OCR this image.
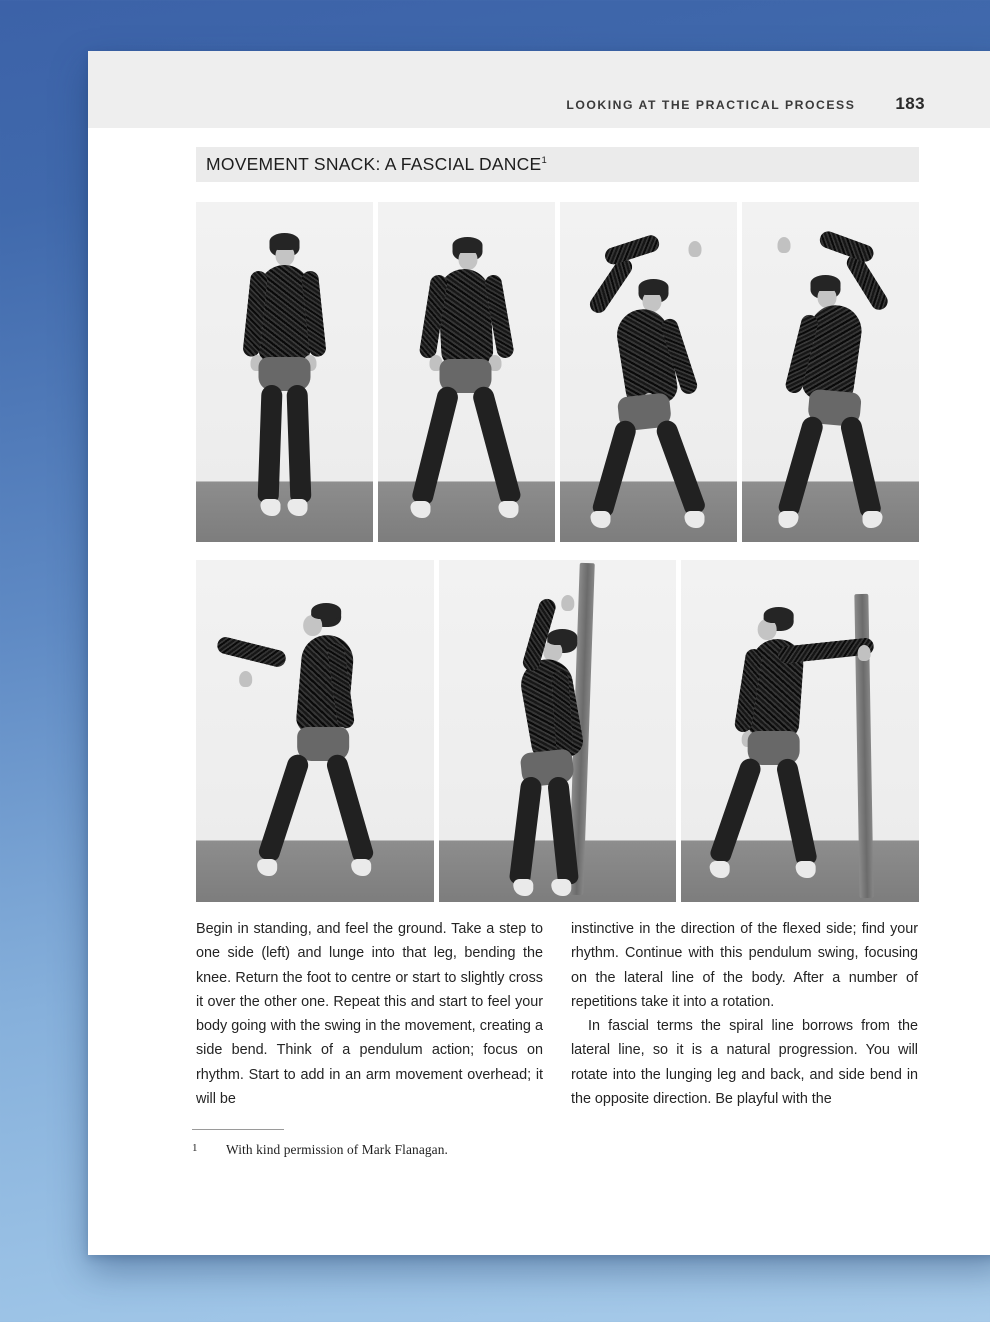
LOOKING AT THE PRACTICAL PROCESS 183
MOVEMENT SNACK: A FASCIAL DANCE$^1$

Begin in standing, and feel the ground. Take a step to one side (left) and lunge into that leg, bending the knee. Return the foot to centre or start to slightly cross it over the other one. Repeat this and start to feel your body going with the swing in the movement, creating a side bend. Think of a pendulum action; focus on rhythm. Start to add in an arm movement overhead; it will be

instinctive in the direction of the flexed side; find your rhythm. Continue with this pendulum swing, focusing on the lateral line of the body. After a number of repetitions take it into a rotation.

In fascial terms the spiral line borrows from the lateral line, so it is a natural progression. You will rotate into the lunging leg and back, and side bend in the opposite direction. Be playful with the

1	With kind permission of Mark Flanagan.
